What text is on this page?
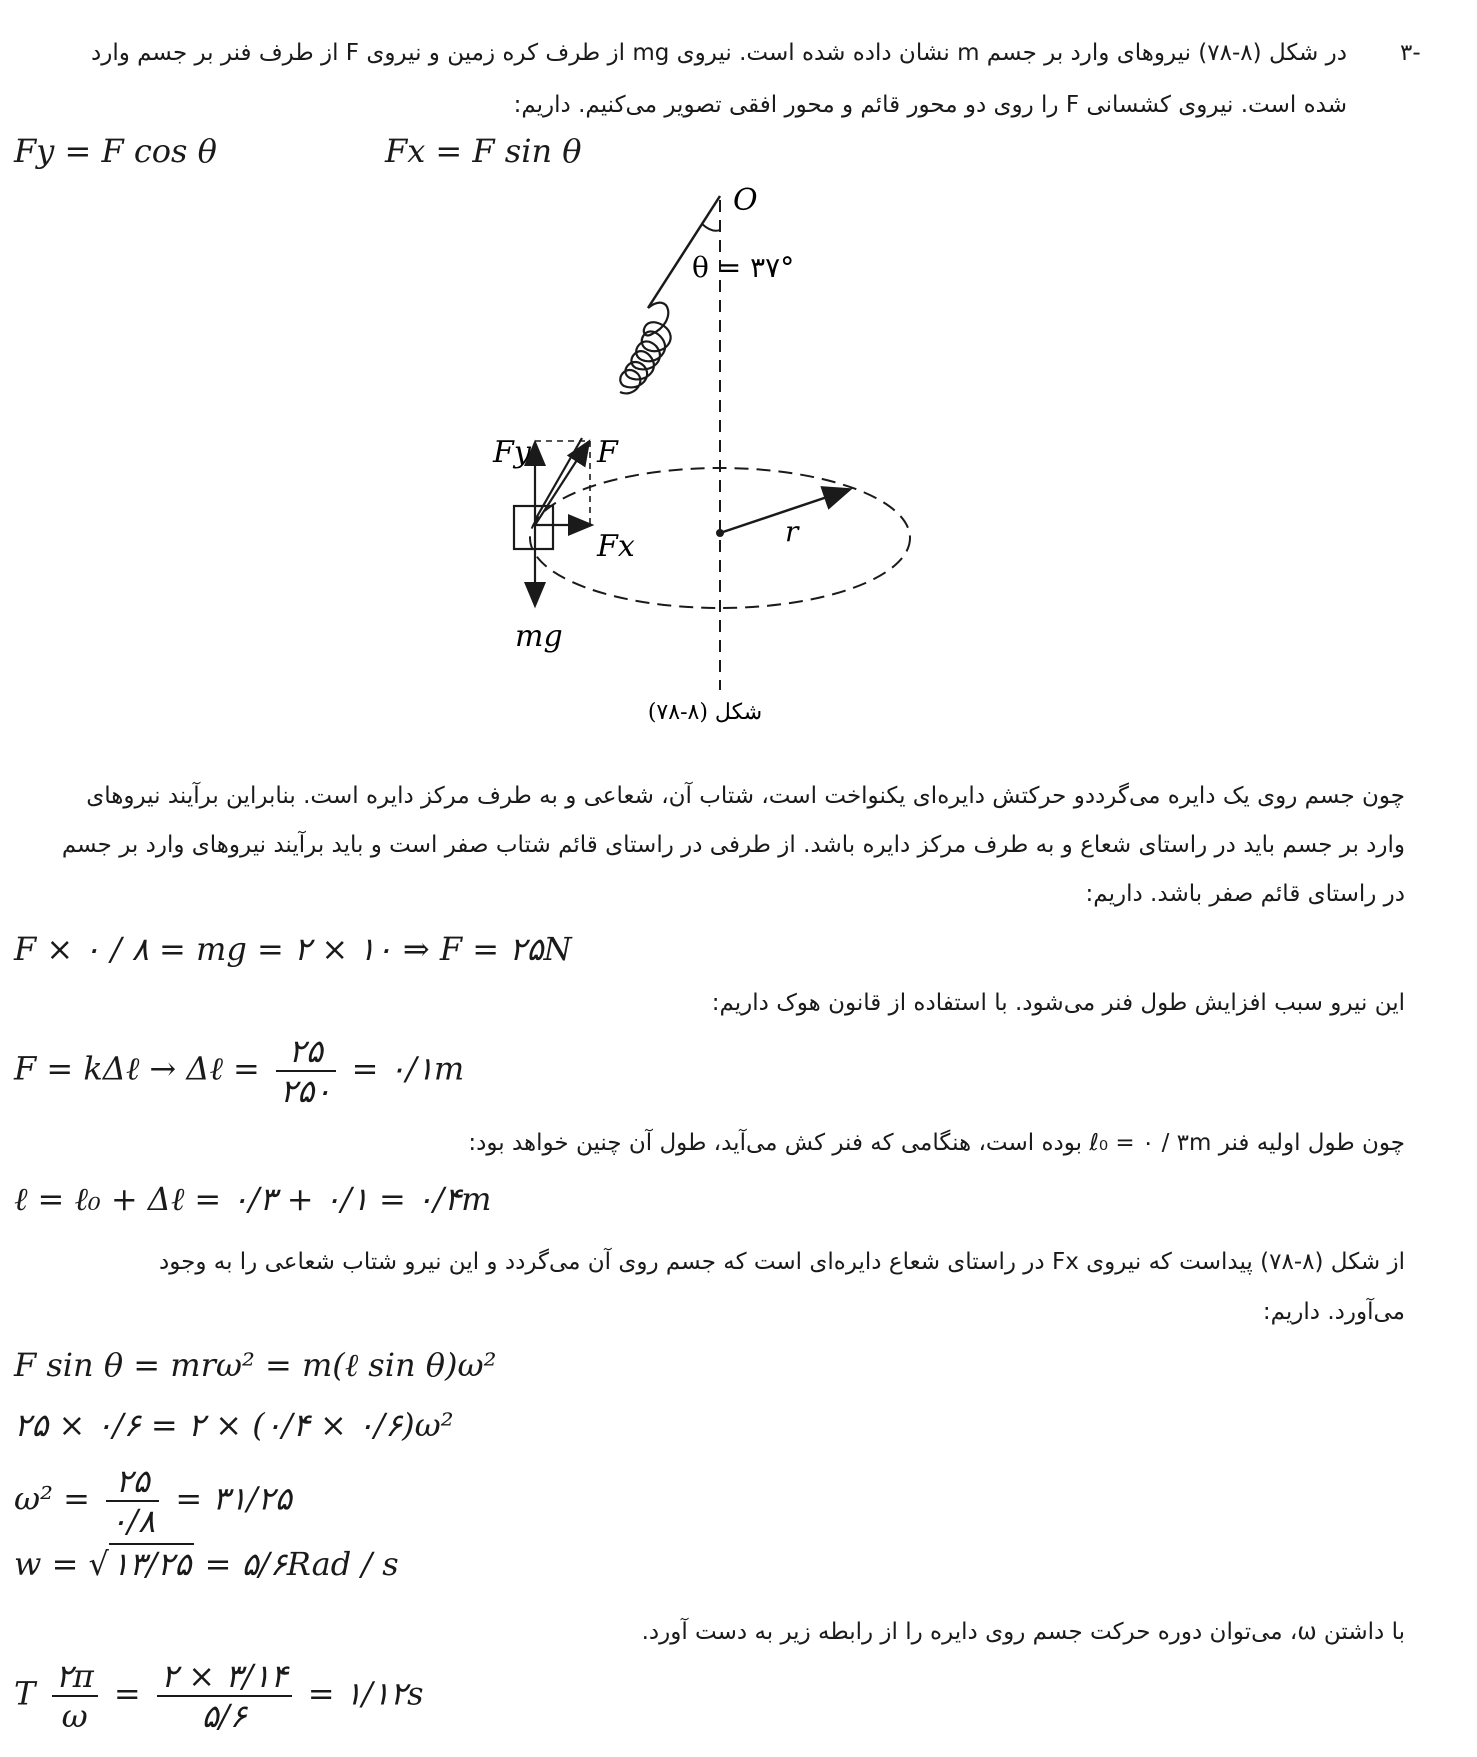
-۳
در شکل (۸-۷۸) نیروهای وارد بر جسم m نشان داده شده است. نیروی mg از طرف کره زمین و نیروی F از طرف فنر بر جسم وارد
شده است. نیروی کشسانی F را روی دو محور قائم و محور افقی تصویر می‌کنیم. داریم:
Fy = F cos θ	Fx = F sin θ
O
θ = ۳۷°
F
Fy
Fx
mg
r
شکل (۸-۷۸)
چون جسم روی یک دایره می‌گرددو حرکتش دایره‌ای یکنواخت است، شتاب آن، شعاعی و به طرف مرکز دایره است. بنابراین برآیند نیروهای
وارد بر جسم باید در راستای شعاع و به طرف مرکز دایره باشد. از طرفی در راستای قائم شتاب صفر است و باید برآیند نیروهای وارد بر جسم
در راستای قائم صفر باشد. داریم:
F × ۰ / ۸ = mg = ۲ × ۱۰ ⇒ F = ۲۵N
این نیرو سبب افزایش طول فنر می‌شود. با استفاده از قانون هوک داریم:
F = kΔℓ → Δℓ = $\frac{۲۵}{۲۵۰}$ = ۰/۱m
چون طول اولیه فنر ℓ₀ = ۰ / ۳m بوده است، هنگامی که فنر کش می‌آید، طول آن چنین خواهد بود:
ℓ = ℓ₀ + Δℓ = ۰/۳ + ۰/۱ = ۰/۴m
از شکل (۸-۷۸) پیداست که نیروی Fx در راستای شعاع دایره‌ای است که جسم روی آن می‌گردد و این نیرو شتاب شعاعی را به وجود
می‌آورد. داریم:
F sin θ = mrω² = m(ℓ sin θ)ω²
۲۵ × ۰/۶ = ۲ × (۰/۴ × ۰/۶)ω²
$\omega^2 = \frac{۲۵}{۰/۸}$ = ۳۱/۲۵
w = √۱۳/۲۵ = ۵/۶Rad / s
با داشتن ω، می‌توان دوره حرکت جسم روی دایره را از رابطه زیر به دست آورد.
T $\frac{۲\pi}{\omega} = \frac{۲ \times ۳/۱۴}{۵/۶}$ = ۱/۱۲s
